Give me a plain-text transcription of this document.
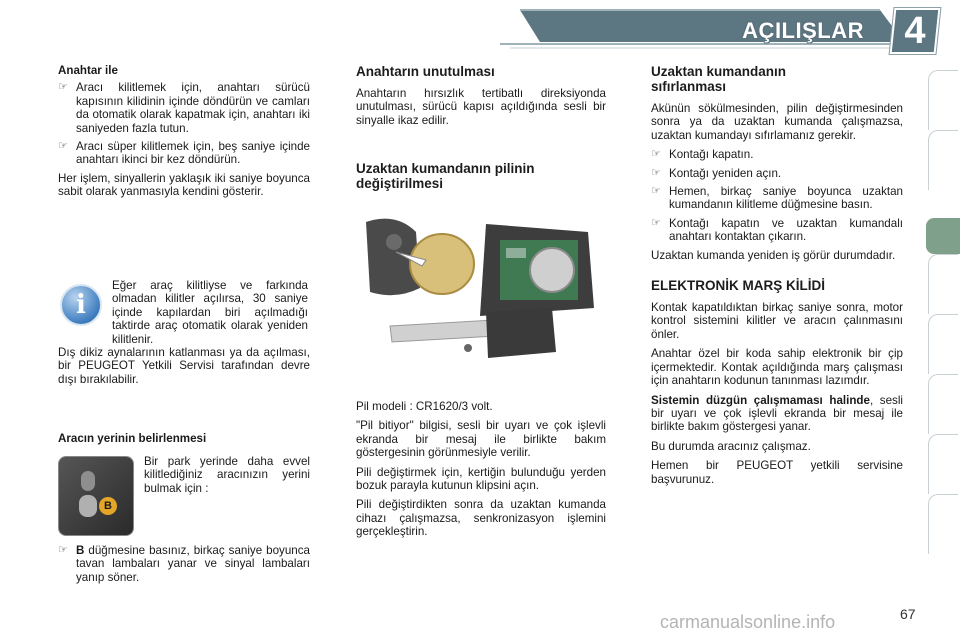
AÇILIŞLAR	4
Anahtar ile
☞ Aracı kilitlemek için, anahtarı sürücü kapısının kilidinin içinde döndürün ve camları da otomatik olarak kapatmak için, anahtarı iki saniyeden fazla tutun.
☞ Aracı süper kilitlemek için, beş saniye içinde anahtarı ikinci bir kez döndürün.

Her işlem, sinyallerin yaklaşık iki saniye boyunca sabit olarak yanmasıyla kendini gösterir.

i

Eğer araç kilitliyse ve farkında olmadan kilitler açılırsa, 30 saniye içinde kapılardan biri açılmadığı taktirde araç otomatik olarak yeniden kilitlenir.

Dış dikiz aynalarının katlanması ya da açılması, bir PEUGEOT Yetkili Servisi tarafından devre dışı bırakılabilir.

Aracın yerinin belirlenmesi
B

Bir park yerinde daha evvel kilitlediğiniz aracınızın yerini bulmak için :

☞ B düğmesine basınız, birkaç saniye boyunca tavan lambaları yanar ve sinyal lambaları yanıp söner.
Anahtarın unutulması

Anahtarın hırsızlık tertibatlı direksiyonda unutulması, sürücü kapısı açıldığında sesli bir sinyalle ikaz edilir.

Uzaktan kumandanın pilinin değiştirilmesi

Pil modeli : CR1620/3 volt.

"Pil bitiyor" bilgisi, sesli bir uyarı ve çok işlevli ekranda bir mesaj ile birlikte bakım göstergesinin görünmesiyle verilir.

Pili değiştirmek için, kertiğin bulunduğu yerden bozuk parayla kutunun klipsini açın.

Pili değiştirdikten sonra da uzaktan kumanda cihazı çalışmazsa, senkronizasyon işlemini gerçekleştirin.

Uzaktan kumandanın sıfırlanması

Akünün sökülmesinden, pilin değiştirmesinden sonra ya da uzaktan kumanda çalışmazsa, uzaktan kumandayı sıfırlamanız gerekir.

☞ Kontağı kapatın.
☞ Kontağı yeniden açın.
☞ Hemen, birkaç saniye boyunca uzaktan kumandanın kilitleme düğmesine basın.
☞ Kontağı kapatın ve uzaktan kumandalı anahtarı kontaktan çıkarın.

Uzaktan kumanda yeniden iş görür durumdadır.

ELEKTRONİK MARŞ KİLİDİ

Kontak kapatıldıktan birkaç saniye sonra, motor kontrol sistemini kilitler ve aracın çalınmasını önler.

Anahtar özel bir koda sahip elektronik bir çip içermektedir. Kontak açıldığında marş çalışması için anahtarın kodunun tanınması lazımdır.

Sistemin düzgün çalışmaması halinde, sesli bir uyarı ve çok işlevli ekranda bir mesaj ile birlikte bakım göstergesi yanar.

Bu durumda aracınız çalışmaz.

Hemen bir PEUGEOT yetkili servisine başvurunuz.

carmanualsonline.info	67
